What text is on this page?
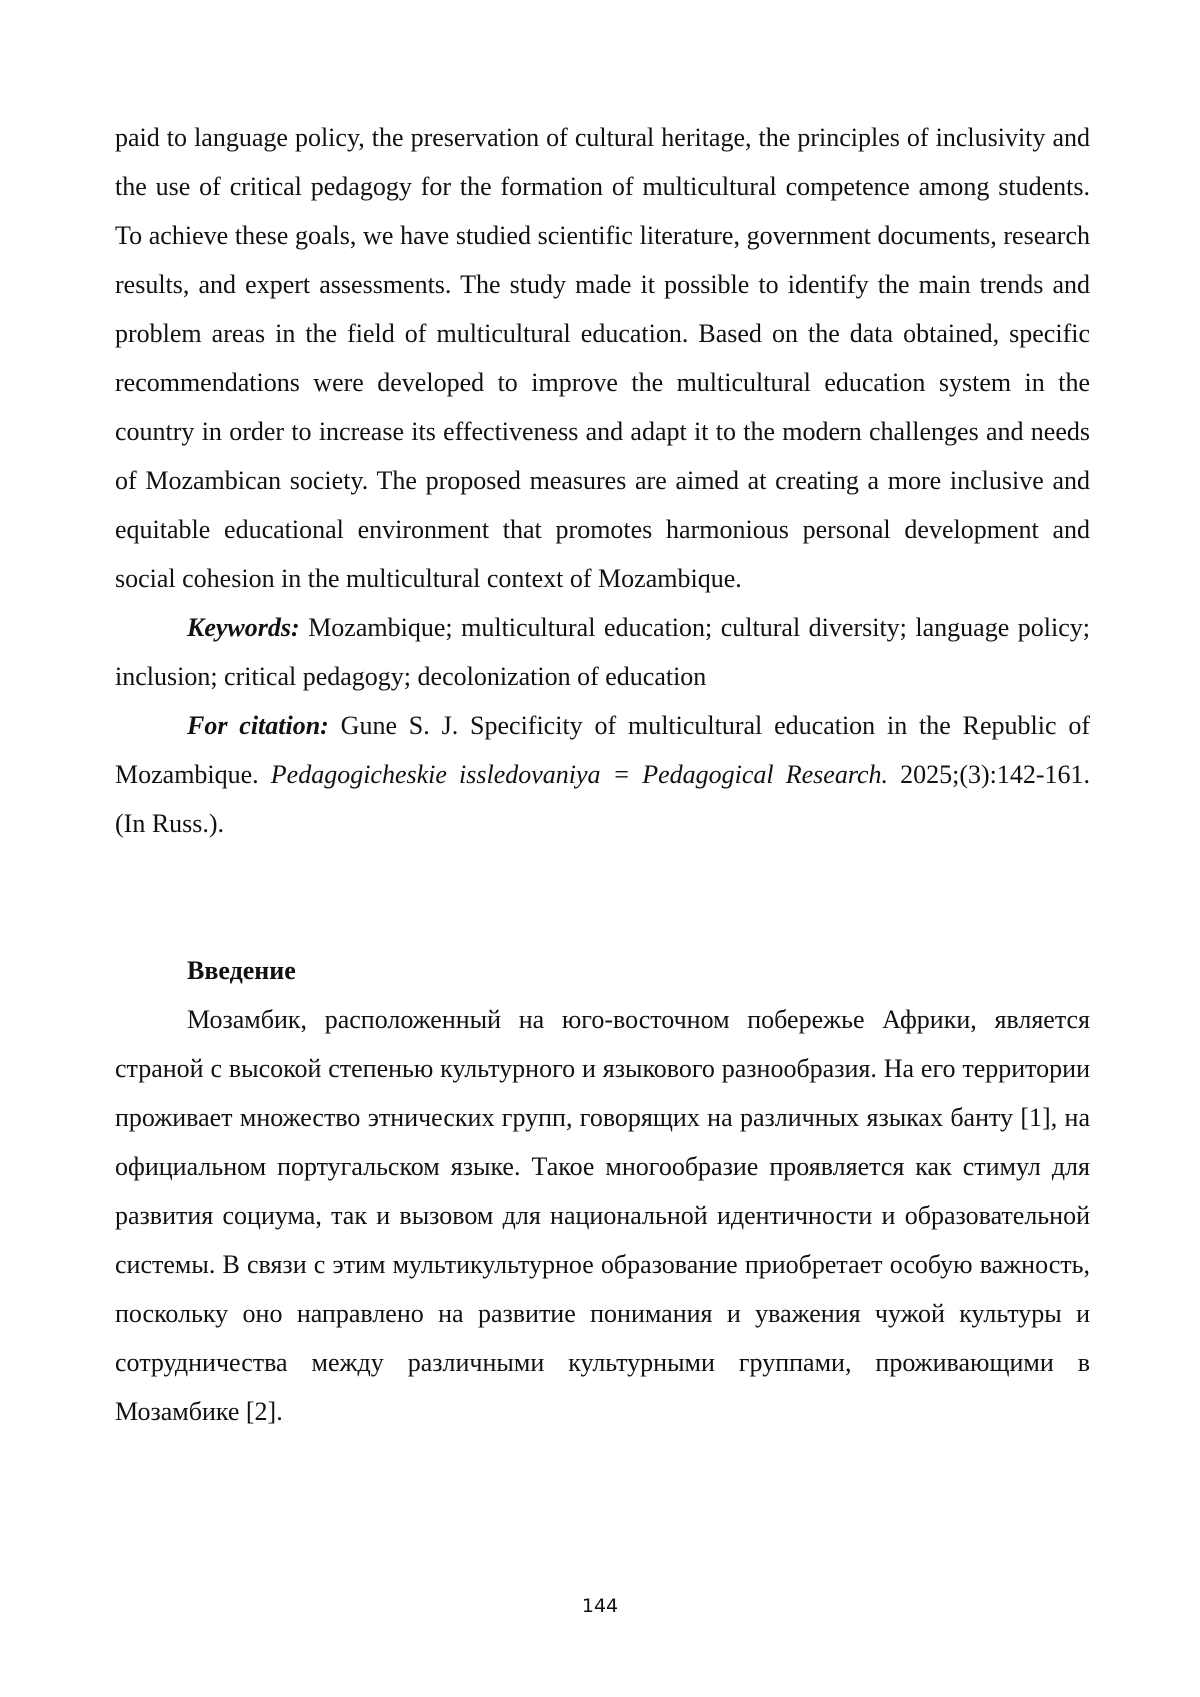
paid to language policy, the preservation of cultural heritage, the principles of inclusivity and the use of critical pedagogy for the formation of multicultural competence among students. To achieve these goals, we have studied scientific literature, government documents, research results, and expert assessments. The study made it possible to identify the main trends and problem areas in the field of multicultural education. Based on the data obtained, specific recommendations were developed to improve the multicultural education system in the country in order to increase its effectiveness and adapt it to the modern challenges and needs of Mozambican society. The proposed measures are aimed at creating a more inclusive and equitable educational environment that promotes harmonious personal development and social cohesion in the multicultural context of Mozambique.

Keywords: Mozambique; multicultural education; cultural diversity; language policy; inclusion; critical pedagogy; decolonization of education

For citation: Gune S. J. Specificity of multicultural education in the Republic of Mozambique. Pedagogicheskie issledovaniya = Pedagogical Research. 2025;(3):142-161. (In Russ.).

Введение

Мозамбик, расположенный на юго-восточном побережье Африки, является страной с высокой степенью культурного и языкового разнообразия. На его территории проживает множество этнических групп, говорящих на различных языках банту [1], на официальном португальском языке. Такое многообразие проявляется как стимул для развития социума, так и вызовом для национальной идентичности и образовательной системы. В связи с этим мультикультурное образование приобретает особую важность, поскольку оно направлено на развитие понимания и уважения чужой культуры и сотрудничества между различными культурными группами, проживающими в Мозамбике [2].

144
